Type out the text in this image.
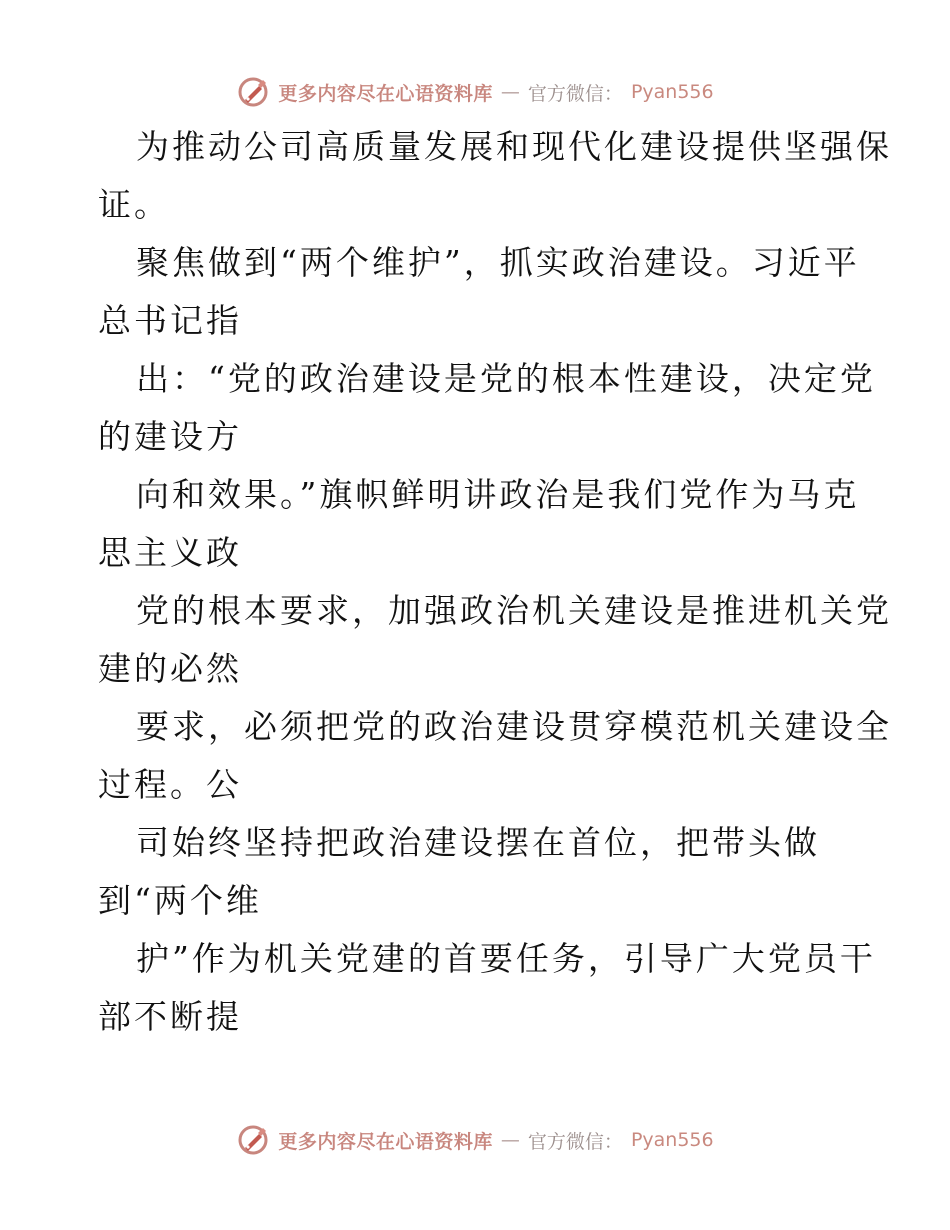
更多内容尽在心语资料库 — 官方微信： Pyan556
为推动公司高质量发展和现代化建设提供坚强保
证。
聚焦做到“两个维护”，抓实政治建设。习近平
总书记指
出：“党的政治建设是党的根本性建设，决定党
的建设方
向和效果。”旗帜鲜明讲政治是我们党作为马克
思主义政
党的根本要求，加强政治机关建设是推进机关党
建的必然
要求，必须把党的政治建设贯穿模范机关建设全
过程。公
司始终坚持把政治建设摆在首位，把带头做
到“两个维
护”作为机关党建的首要任务，引导广大党员干
部不断提
更多内容尽在心语资料库 — 官方微信： Pyan556
